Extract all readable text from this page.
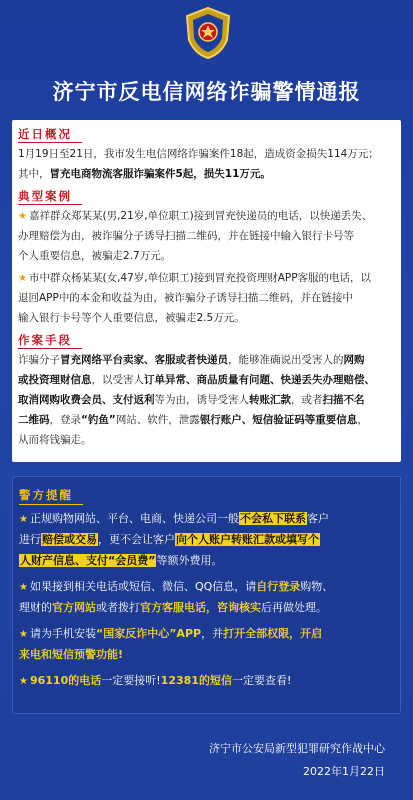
济宁市反电信网络诈骗警情通报
近日概况
1月19日至21日，我市发生电信网络诈骗案件18起，造成资金损失114万元；
其中，冒充电商物流客服诈骗案件5起，损失11万元。
典型案例
★ 嘉祥群众郑某某(男,21岁,单位职工)接到冒充快递员的电话，以快递丢失、
办理赔偿为由，被诈骗分子诱导扫描二维码，并在链接中输入银行卡号等
个人重要信息，被骗走2.7万元。
★ 市中群众杨某某(女,47岁,单位职工)接到冒充投资理财APP客服的电话，以
退回APP中的本金和收益为由，被诈骗分子诱导扫描二维码，并在链接中
输入银行卡号等个人重要信息，被骗走2.5万元。
作案手段
诈骗分子冒充网络平台卖家、客服或者快递员，能够准确说出受害人的网购
或投资理财信息，以受害人订单异常、商品质量有问题、快递丢失办理赔偿、
取消网购收费会员、支付返利等为由，诱导受害人转账汇款，或者扫描不名
二维码，登录“钓鱼”网站、软件，泄露银行账户、短信验证码等重要信息，
从而将钱骗走。
警方提醒
★ 正规购物网站、平台、电商、快递公司一般不会私下联系客户
进行赔偿或交易，更不会让客户向个人账户转账汇款或填写个
人财产信息、支付“会员费”等额外费用。
★ 如果接到相关电话或短信、微信、QQ信息，请自行登录购物、
理财的官方网站或者拨打官方客服电话，咨询核实后再做处理。
★ 请为手机安装“国家反诈中心”APP，并打开全部权限，开启
来电和短信预警功能!
★ 96110的电话一定要接听!12381的短信一定要查看!
济宁市公安局新型犯罪研究作战中心
2022年1月22日
